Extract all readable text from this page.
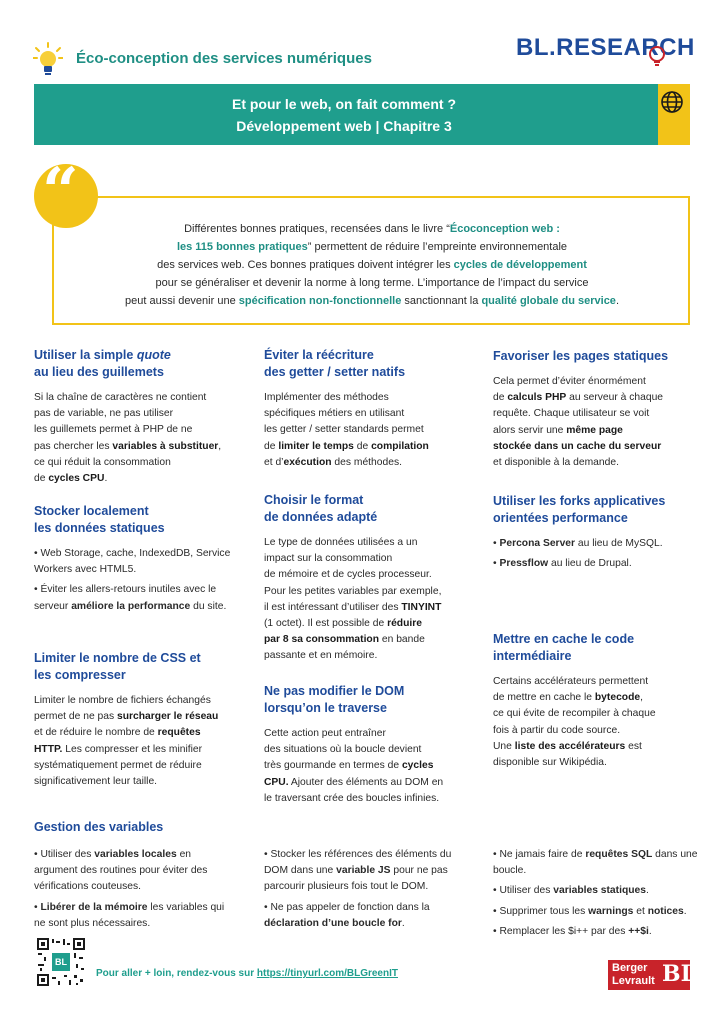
Éco-conception des services numériques	BL.RESEARCH
Et pour le web, on fait comment ?
Développement web | Chapitre 3
“	Différentes bonnes pratiques, recensées dans le livre “Écoconception web :
les 115 bonnes pratiques” permettent de réduire l’empreinte environnementale
des services web. Ces bonnes pratiques doivent intégrer les cycles de développement
pour se généraliser et devenir la norme à long terme. L’importance de l’impact du service
peut aussi devenir une spécification non-fonctionnelle sanctionnant la qualité globale du service.
Utiliser la simple quote
au lieu des guillemets
Si la chaîne de caractères ne contient
pas de variable, ne pas utiliser
les guillemets permet à PHP de ne
pas chercher les variables à substituer,
ce qui réduit la consommation
de cycles CPU.
Stocker localement
les données statiques
• Web Storage, cache, IndexedDB, Service Workers avec HTML5.
• Éviter les allers-retours inutiles avec le serveur améliore la performance du site.
Limiter le nombre de CSS et
les compresser
Limiter le nombre de fichiers échangés
permet de ne pas surcharger le réseau
et de réduire le nombre de requêtes
HTTP. Les compresser et les minifier
systématiquement permet de réduire
significativement leur taille.
Gestion des variables
• Utiliser des variables locales en argument des routines pour éviter des vérifications couteuses.
• Libérer de la mémoire les variables qui ne sont plus nécessaires.
Éviter la réécriture
des getter / setter natifs
Implémenter des méthodes
spécifiques métiers en utilisant
les getter / setter standards permet
de limiter le temps de compilation
et d’exécution des méthodes.
Choisir le format
de données adapté
Le type de données utilisées a un
impact sur la consommation
de mémoire et de cycles processeur.
Pour les petites variables par exemple,
il est intéressant d’utiliser des TINYINT
(1 octet). Il est possible de réduire
par 8 sa consommation en bande
passante et en mémoire.
Ne pas modifier le DOM
lorsqu’on le traverse
Cette action peut entraîner
des situations où la boucle devient
très gourmande en termes de cycles
CPU. Ajouter des éléments au DOM en
le traversant crée des boucles infinies.
• Stocker les références des éléments du DOM dans une variable JS pour ne pas parcourir plusieurs fois tout le DOM.
• Ne pas appeler de fonction dans la déclaration d’une boucle for.
Favoriser les pages statiques
Cela permet d’éviter énormément
de calculs PHP au serveur à chaque
requête. Chaque utilisateur se voit
alors servir une même page
stockée dans un cache du serveur
et disponible à la demande.
Utiliser les forks applicatives
orientées performance
• Percona Server au lieu de MySQL.
• Pressflow au lieu de Drupal.
Mettre en cache le code
intermédiaire
Certains accélérateurs permettent
de mettre en cache le bytecode,
ce qui évite de recompiler à chaque
fois à partir du code source.
Une liste des accélérateurs est
disponible sur Wikipédia.
• Ne jamais faire de requêtes SQL dans une boucle.
• Utiliser des variables statiques.
• Supprimer tous les warnings et notices.
• Remplacer les $i++ par des ++$i.
BL
Pour aller + loin, rendez-vous sur https://tinyurl.com/BLGreenIT	Berger
Levrault BL
